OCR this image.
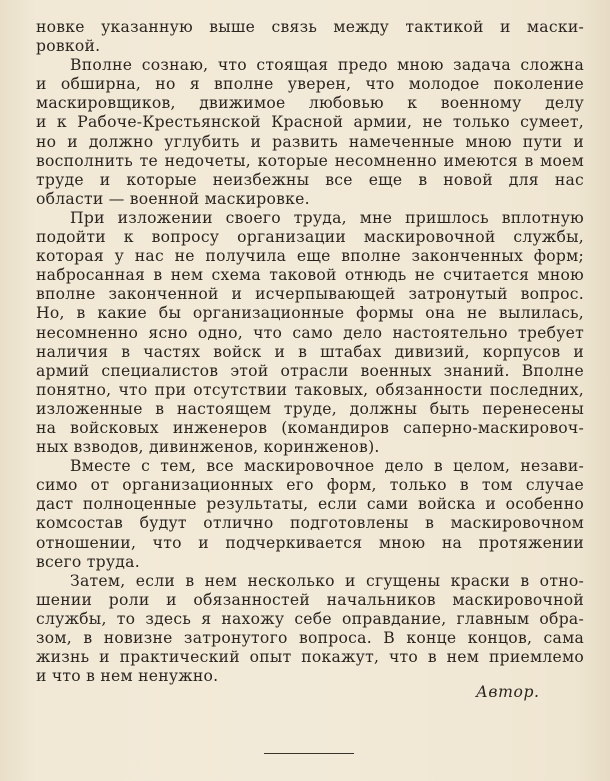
новке указанную выше связь между тактикой и маски-
ровкой.
Вполне сознаю, что стоящая предо мною задача сложна
и обширна, но я вполне уверен, что молодое поколение
маскировщиков, движимое любовью к военному делу
и к Рабоче-Крестьянской Красной армии, не только сумеет,
но и должно углубить и развить намеченные мною пути и
восполнить те недочеты, которые несомненно имеются в моем
труде и которые неизбежны все еще в новой для нас
области — военной маскировке.
При изложении своего труда, мне пришлось вплотную
подойти к вопросу организации маскировочной службы,
которая у нас не получила еще вполне законченных форм;
набросанная в нем схема таковой отнюдь не считается мною
вполне законченной и исчерпывающей затронутый вопрос.
Но, в какие бы организационные формы она не вылилась,
несомненно ясно одно, что само дело настоятельно требует
наличия в частях войск и в штабах дивизий, корпусов и
армий специалистов этой отрасли военных знаний. Вполне
понятно, что при отсутствии таковых, обязанности последних,
изложенные в настоящем труде, должны быть перенесены
на войсковых инженеров (командиров саперно-маскировоч-
ных взводов, дивинженов, коринженов).
Вместе с тем, все маскировочное дело в целом, незави-
симо от организационных его форм, только в том случае
даст полноценные результаты, если сами войска и особенно
комсостав будут отлично подготовлены в маскировочном
отношении, что и подчеркивается мною на протяжении
всего труда.
Затем, если в нем несколько и сгущены краски в отно-
шении роли и обязанностей начальников маскировочной
службы, то здесь я нахожу себе оправдание, главным обра-
зом, в новизне затронутого вопроса. В конце концов, сама
жизнь и практический опыт покажут, что в нем приемлемо
и что в нем ненужно.
Автор.
